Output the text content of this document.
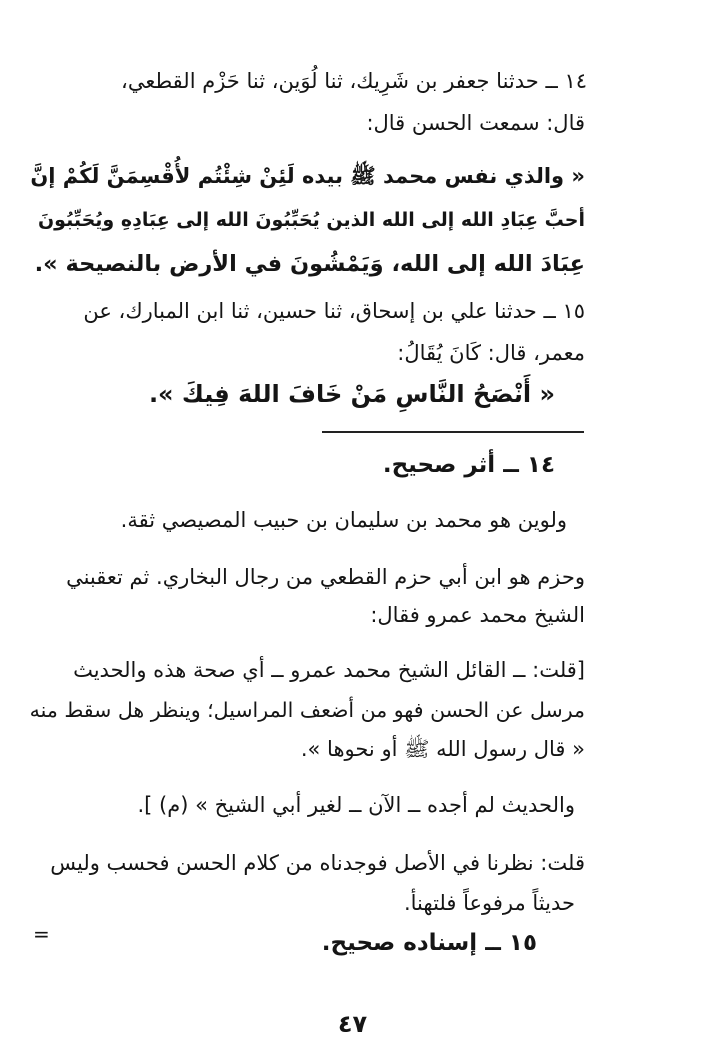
١٤ ــ حدثنا جعفر بن شَرِيك، ثنا لُوَين، ثنا حَزْم القطعي،
قال: سمعت الحسن قال:
« والذي نفس محمد ﷺ بيده لَئِنْ شِئْتُم لأُقْسِمَنَّ لَكُمْ إنَّ
أحبَّ عِبَادِ الله إلى الله الذين يُحَبِّبُونَ الله إلى عِبَادِهِ ويُحَبِّبُونَ
عِبَادَ الله إلى الله، وَيَمْشُونَ في الأرض بالنصيحة ».
١٥ ــ حدثنا علي بن إسحاق، ثنا حسين، ثنا ابن المبارك، عن
معمر، قال: كَانَ يُقَالُ:
« أَنْصَحُ النَّاسِ مَنْ خَافَ اللهَ فِيكَ ».
١٤ ــ أثر صحيح.
ولوين هو محمد بن سليمان بن حبيب المصيصي ثقة.
وحزم هو ابن أبي حزم القطعي من رجال البخاري. ثم تعقبني
الشيخ محمد عمرو فقال:
[قلت: ــ القائل الشيخ محمد عمرو ــ أي صحة هذه والحديث
مرسل عن الحسن فهو من أضعف المراسيل؛ وينظر هل سقط منه
« قال رسول الله ﷺ أو نحوها ».
والحديث لم أجده ــ الآن ــ لغير أبي الشيخ » (م) ].
قلت: نظرنا في الأصل فوجدناه من كلام الحسن فحسب وليس
حديثاً مرفوعاً فلتهنأ.
١٥ ــ إسناده صحيح.
=
٤٧
